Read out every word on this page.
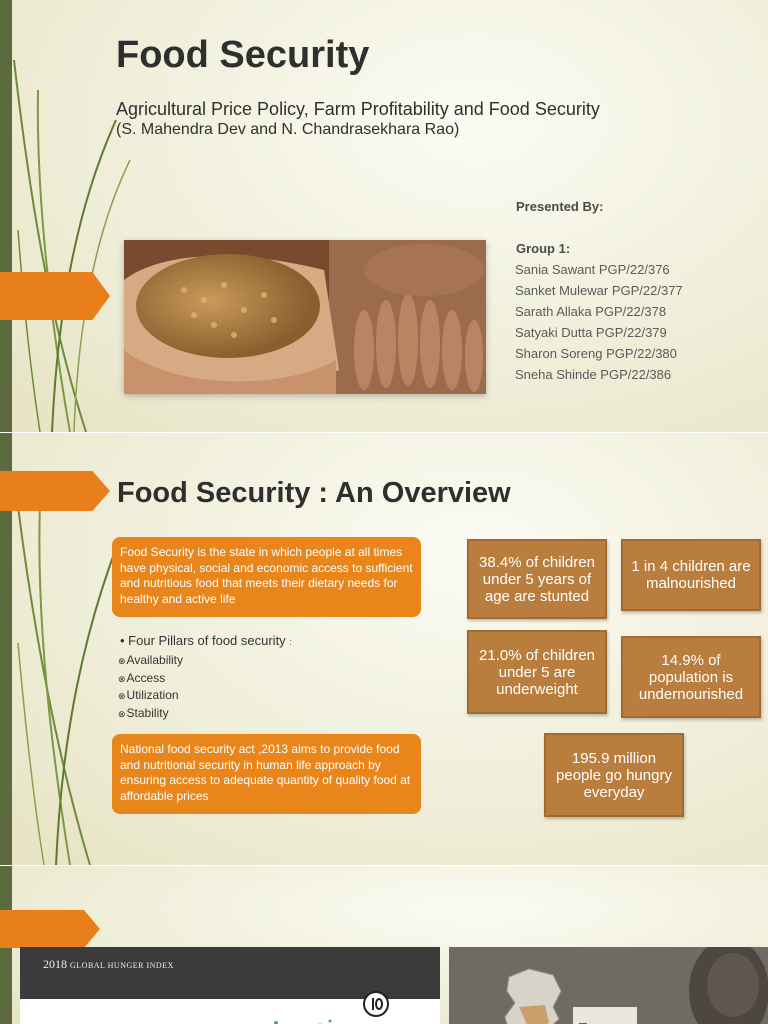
Food Security
Agricultural Price Policy, Farm Profitability and Food Security
(S. Mahendra Dev and N. Chandrasekhara Rao)
Presented By:
Group 1:
Sania Sawant PGP/22/376
Sanket Mulewar PGP/22/377
Sarath Allaka PGP/22/378
Satyaki Dutta PGP/22/379
Sharon Soreng PGP/22/380
Sneha Shinde PGP/22/386
Food Security : An Overview
Food Security is the state in which people at all times have physical, social and economic access to sufficient and nutritious food that meets their dietary needs for healthy and active life
• Four Pillars of food security :
⊗Availability
⊗Access
⊗Utilization
⊗Stability
National food security act ,2013 aims to provide food and nutritional security in human life approach by ensuring access to adequate quantity of quality food at affordable prices
38.4% of children under 5 years of age are stunted
1 in 4 children are malnourished
21.0% of children under 5 are underweight
14.9% of population is undernourished
195.9 million people go hungry everyday
2018 GLOBAL HUNGER INDEX
